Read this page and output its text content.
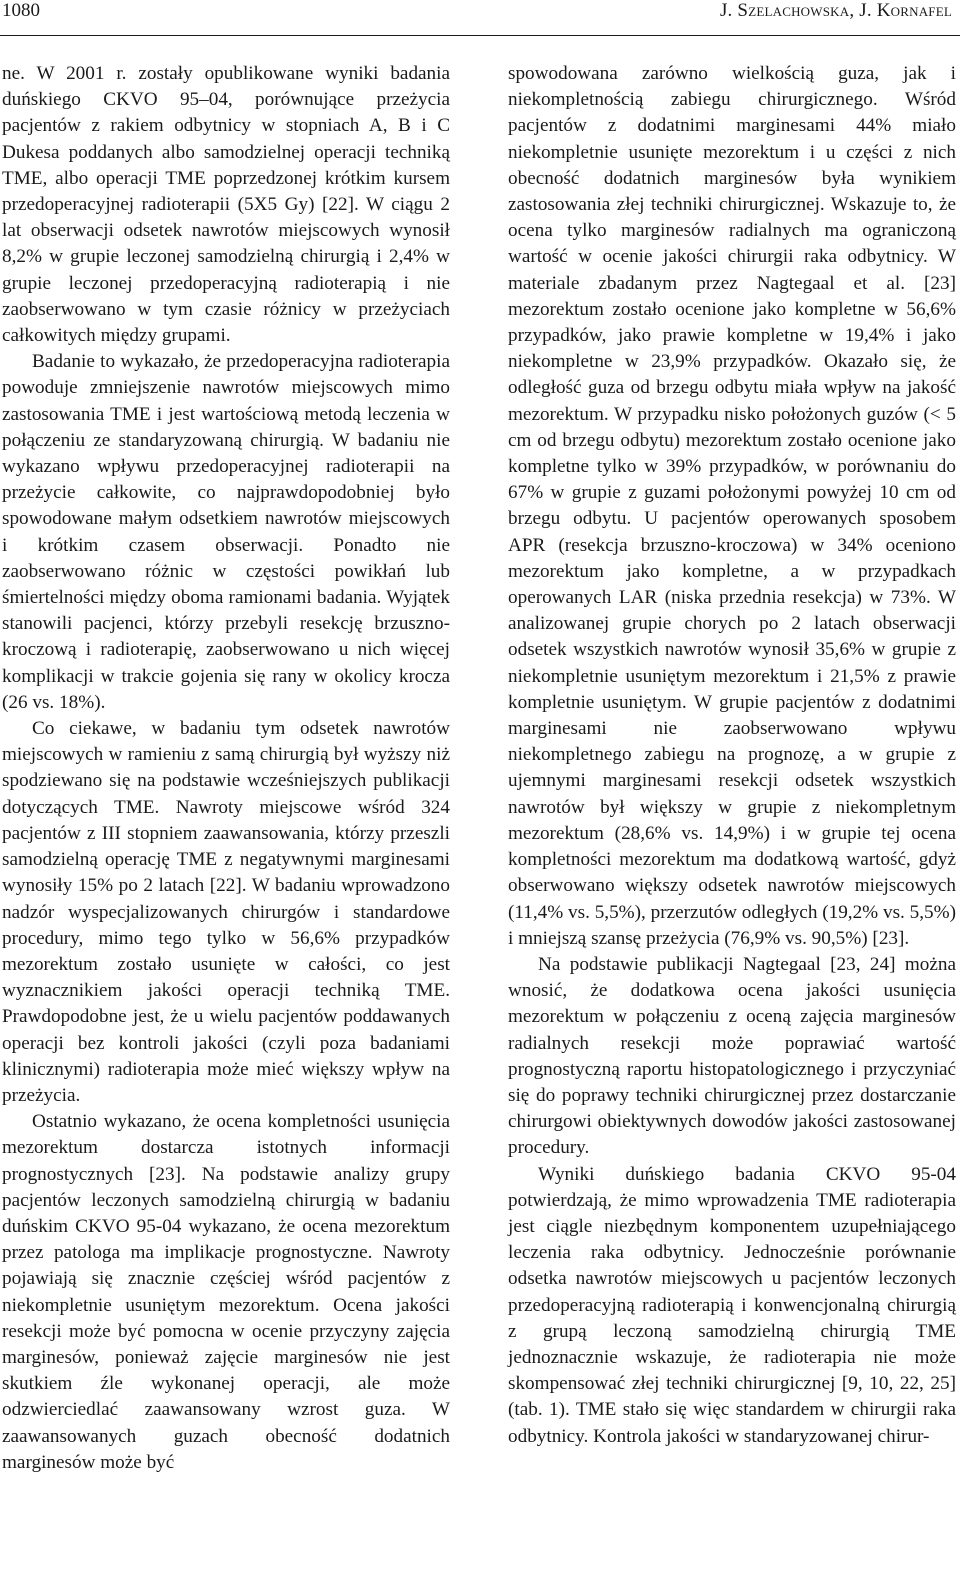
1080	J. Szelachowska, J. Kornafel

ne. W 2001 r. zostały opublikowane wyniki badania duńskiego CKVO 95–04, porównujące przeżycia pacjentów z rakiem odbytnicy w stopniach A, B i C Dukesa poddanych albo samodzielnej operacji techniką TME, albo operacji TME poprzedzonej krótkim kursem przedoperacyjnej radioterapii (5X5 Gy) [22]. W ciągu 2 lat obserwacji odsetek nawrotów miejscowych wynosił 8,2% w grupie leczonej samodzielną chirurgią i 2,4% w grupie leczonej przedoperacyjną radioterapią i nie zaobserwowano w tym czasie różnicy w przeżyciach całkowitych między grupami.

Badanie to wykazało, że przedoperacyjna radioterapia powoduje zmniejszenie nawrotów miejscowych mimo zastosowania TME i jest wartościową metodą leczenia w połączeniu ze standaryzowaną chirurgią. W badaniu nie wykazano wpływu przedoperacyjnej radioterapii na przeżycie całkowite, co najprawdopodobniej było spowodowane małym odsetkiem nawrotów miejscowych i krótkim czasem obserwacji. Ponadto nie zaobserwowano różnic w częstości powikłań lub śmiertelności między oboma ramionami badania. Wyjątek stanowili pacjenci, którzy przebyli resekcję brzuszno-kroczową i radioterapię, zaobserwowano u nich więcej komplikacji w trakcie gojenia się rany w okolicy krocza (26 vs. 18%).

Co ciekawe, w badaniu tym odsetek nawrotów miejscowych w ramieniu z samą chirurgią był wyższy niż spodziewano się na podstawie wcześniejszych publikacji dotyczących TME. Nawroty miejscowe wśród 324 pacjentów z III stopniem zaawansowania, którzy przeszli samodzielną operację TME z negatywnymi marginesami wynosiły 15% po 2 latach [22]. W badaniu wprowadzono nadzór wyspecjalizowanych chirurgów i standardowe procedury, mimo tego tylko w 56,6% przypadków mezorektum zostało usunięte w całości, co jest wyznacznikiem jakości operacji techniką TME. Prawdopodobne jest, że u wielu pacjentów poddawanych operacji bez kontroli jakości (czyli poza badaniami klinicznymi) radioterapia może mieć większy wpływ na przeżycia.

Ostatnio wykazano, że ocena kompletności usunięcia mezorektum dostarcza istotnych informacji prognostycznych [23]. Na podstawie analizy grupy pacjentów leczonych samodzielną chirurgią w badaniu duńskim CKVO 95-04 wykazano, że ocena mezorektum przez patologa ma implikacje prognostyczne. Nawroty pojawiają się znacznie częściej wśród pacjentów z niekompletnie usuniętym mezorektum. Ocena jakości resekcji może być pomocna w ocenie przyczyny zajęcia marginesów, ponieważ zajęcie marginesów nie jest skutkiem źle wykonanej operacji, ale może odzwierciedlać zaawansowany wzrost guza. W zaawansowanych guzach obecność dodatnich marginesów może być

spowodowana zarówno wielkością guza, jak i niekompletnością zabiegu chirurgicznego. Wśród pacjentów z dodatnimi marginesami 44% miało niekompletnie usunięte mezorektum i u części z nich obecność dodatnich marginesów była wynikiem zastosowania złej techniki chirurgicznej. Wskazuje to, że ocena tylko marginesów radialnych ma ograniczoną wartość w ocenie jakości chirurgii raka odbytnicy. W materiale zbadanym przez Nagtegaal et al. [23] mezorektum zostało ocenione jako kompletne w 56,6% przypadków, jako prawie kompletne w 19,4% i jako niekompletne w 23,9% przypadków. Okazało się, że odległość guza od brzegu odbytu miała wpływ na jakość mezorektum. W przypadku nisko położonych guzów (< 5 cm od brzegu odbytu) mezorektum zostało ocenione jako kompletne tylko w 39% przypadków, w porównaniu do 67% w grupie z guzami położonymi powyżej 10 cm od brzegu odbytu. U pacjentów operowanych sposobem APR (resekcja brzuszno-kroczowa) w 34% oceniono mezorektum jako kompletne, a w przypadkach operowanych LAR (niska przednia resekcja) w 73%. W analizowanej grupie chorych po 2 latach obserwacji odsetek wszystkich nawrotów wynosił 35,6% w grupie z niekompletnie usuniętym mezorektum i 21,5% z prawie kompletnie usuniętym. W grupie pacjentów z dodatnimi marginesami nie zaobserwowano wpływu niekompletnego zabiegu na prognozę, a w grupie z ujemnymi marginesami resekcji odsetek wszystkich nawrotów był większy w grupie z niekompletnym mezorektum (28,6% vs. 14,9%) i w grupie tej ocena kompletności mezorektum ma dodatkową wartość, gdyż obserwowano większy odsetek nawrotów miejscowych (11,4% vs. 5,5%), przerzutów odległych (19,2% vs. 5,5%) i mniejszą szansę przeżycia (76,9% vs. 90,5%) [23].

Na podstawie publikacji Nagtegaal [23, 24] można wnosić, że dodatkowa ocena jakości usunięcia mezorektum w połączeniu z oceną zajęcia marginesów radialnych resekcji może poprawiać wartość prognostyczną raportu histopatologicznego i przyczyniać się do poprawy techniki chirurgicznej przez dostarczanie chirurgowi obiektywnych dowodów jakości zastosowanej procedury.

Wyniki duńskiego badania CKVO 95-04 potwierdzają, że mimo wprowadzenia TME radioterapia jest ciągle niezbędnym komponentem uzupełniającego leczenia raka odbytnicy. Jednocześnie porównanie odsetka nawrotów miejscowych u pacjentów leczonych przedoperacyjną radioterapią i konwencjonalną chirurgią z grupą leczoną samodzielną chirurgią TME jednoznacznie wskazuje, że radioterapia nie może skompensować złej techniki chirurgicznej [9, 10, 22, 25] (tab. 1). TME stało się więc standardem w chirurgii raka odbytnicy. Kontrola jakości w standaryzowanej chirur-
